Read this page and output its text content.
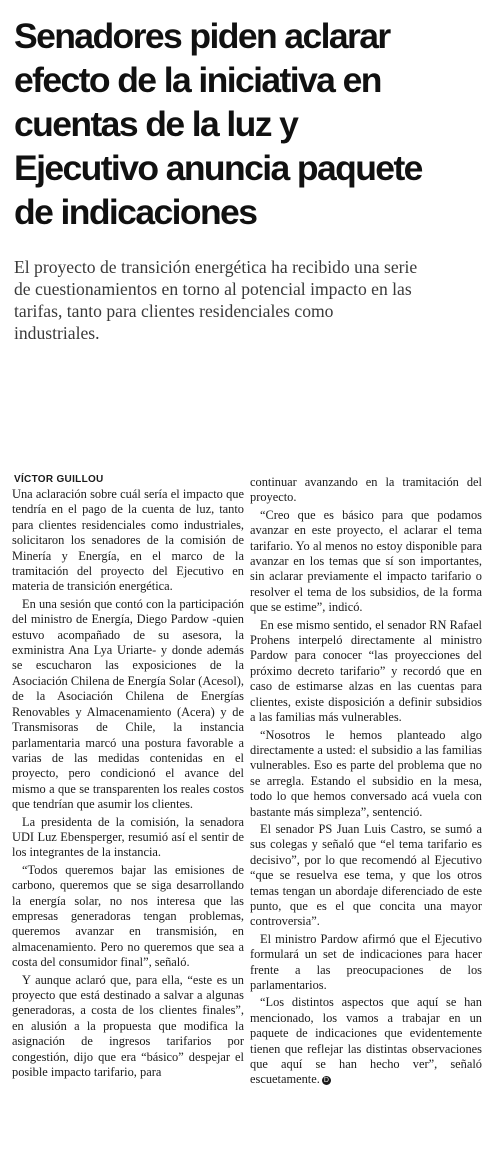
Senadores piden aclarar
efecto de la iniciativa en
cuentas de la luz y
Ejecutivo anuncia paquete
de indicaciones

El proyecto de transición energética ha recibido una serie
de cuestionamientos en torno al potencial impacto en las
tarifas, tanto para clientes residenciales como
industriales.

VÍCTOR GUILLOU

Una aclaración sobre cuál sería el impacto que tendría en el pago de la cuenta de luz, tanto para clientes residenciales como industriales, solicitaron los senadores de la comisión de Minería y Energía, en el marco de la tramitación del proyecto del Ejecutivo en materia de transición energética.

En una sesión que contó con la participación del ministro de Energía, Diego Pardow -quien estuvo acompañado de su asesora, la exministra Ana Lya Uriarte- y donde además se escucharon las exposiciones de la Asociación Chilena de Energía Solar (Acesol), de la Asociación Chilena de Energías Renovables y Almacenamiento (Acera) y de Transmisoras de Chile, la instancia parlamentaria marcó una postura favorable a varias de las medidas contenidas en el proyecto, pero condicionó el avance del mismo a que se transparenten los reales costos que tendrían que asumir los clientes.

La presidenta de la comisión, la senadora UDI Luz Ebensperger, resumió así el sentir de los integrantes de la instancia.

“Todos queremos bajar las emisiones de carbono, queremos que se siga desarrollando la energía solar, no nos interesa que las empresas generadoras tengan problemas, queremos avanzar en transmisión, en almacenamiento. Pero no queremos que sea a costa del consumidor final”, señaló.

Y aunque aclaró que, para ella, “este es un proyecto que está destinado a salvar a algunas generadoras, a costa de los clientes finales”, en alusión a la propuesta que modifica la asignación de ingresos tarifarios por congestión, dijo que era “básico” despejar el posible impacto tarifario, para

continuar avanzando en la tramitación del proyecto.

“Creo que es básico para que podamos avanzar en este proyecto, el aclarar el tema tarifario. Yo al menos no estoy disponible para avanzar en los temas que sí son importantes, sin aclarar previamente el impacto tarifario o resolver el tema de los subsidios, de la forma que se estime”, indicó.

En ese mismo sentido, el senador RN Rafael Prohens interpeló directamente al ministro Pardow para conocer “las proyecciones del próximo decreto tarifario” y recordó que en caso de estimarse alzas en las cuentas para clientes, existe disposición a definir subsidios a las familias más vulnerables.

“Nosotros le hemos planteado algo directamente a usted: el subsidio a las familias vulnerables. Eso es parte del problema que no se arregla. Estando el subsidio en la mesa, todo lo que hemos conversado acá vuela con bastante más simpleza”, sentenció.

El senador PS Juan Luis Castro, se sumó a sus colegas y señaló que “el tema tarifario es decisivo”, por lo que recomendó al Ejecutivo “que se resuelva ese tema, y que los otros temas tengan un abordaje diferenciado de este punto, que es el que concita una mayor controversia”.

El ministro Pardow afirmó que el Ejecutivo formulará un set de indicaciones para hacer frente a las preocupaciones de los parlamentarios.

“Los distintos aspectos que aquí se han mencionado, los vamos a trabajar en un paquete de indicaciones que evidentemente tienen que reflejar las distintas observaciones que aquí se han hecho ver”, señaló escuetamente. D
